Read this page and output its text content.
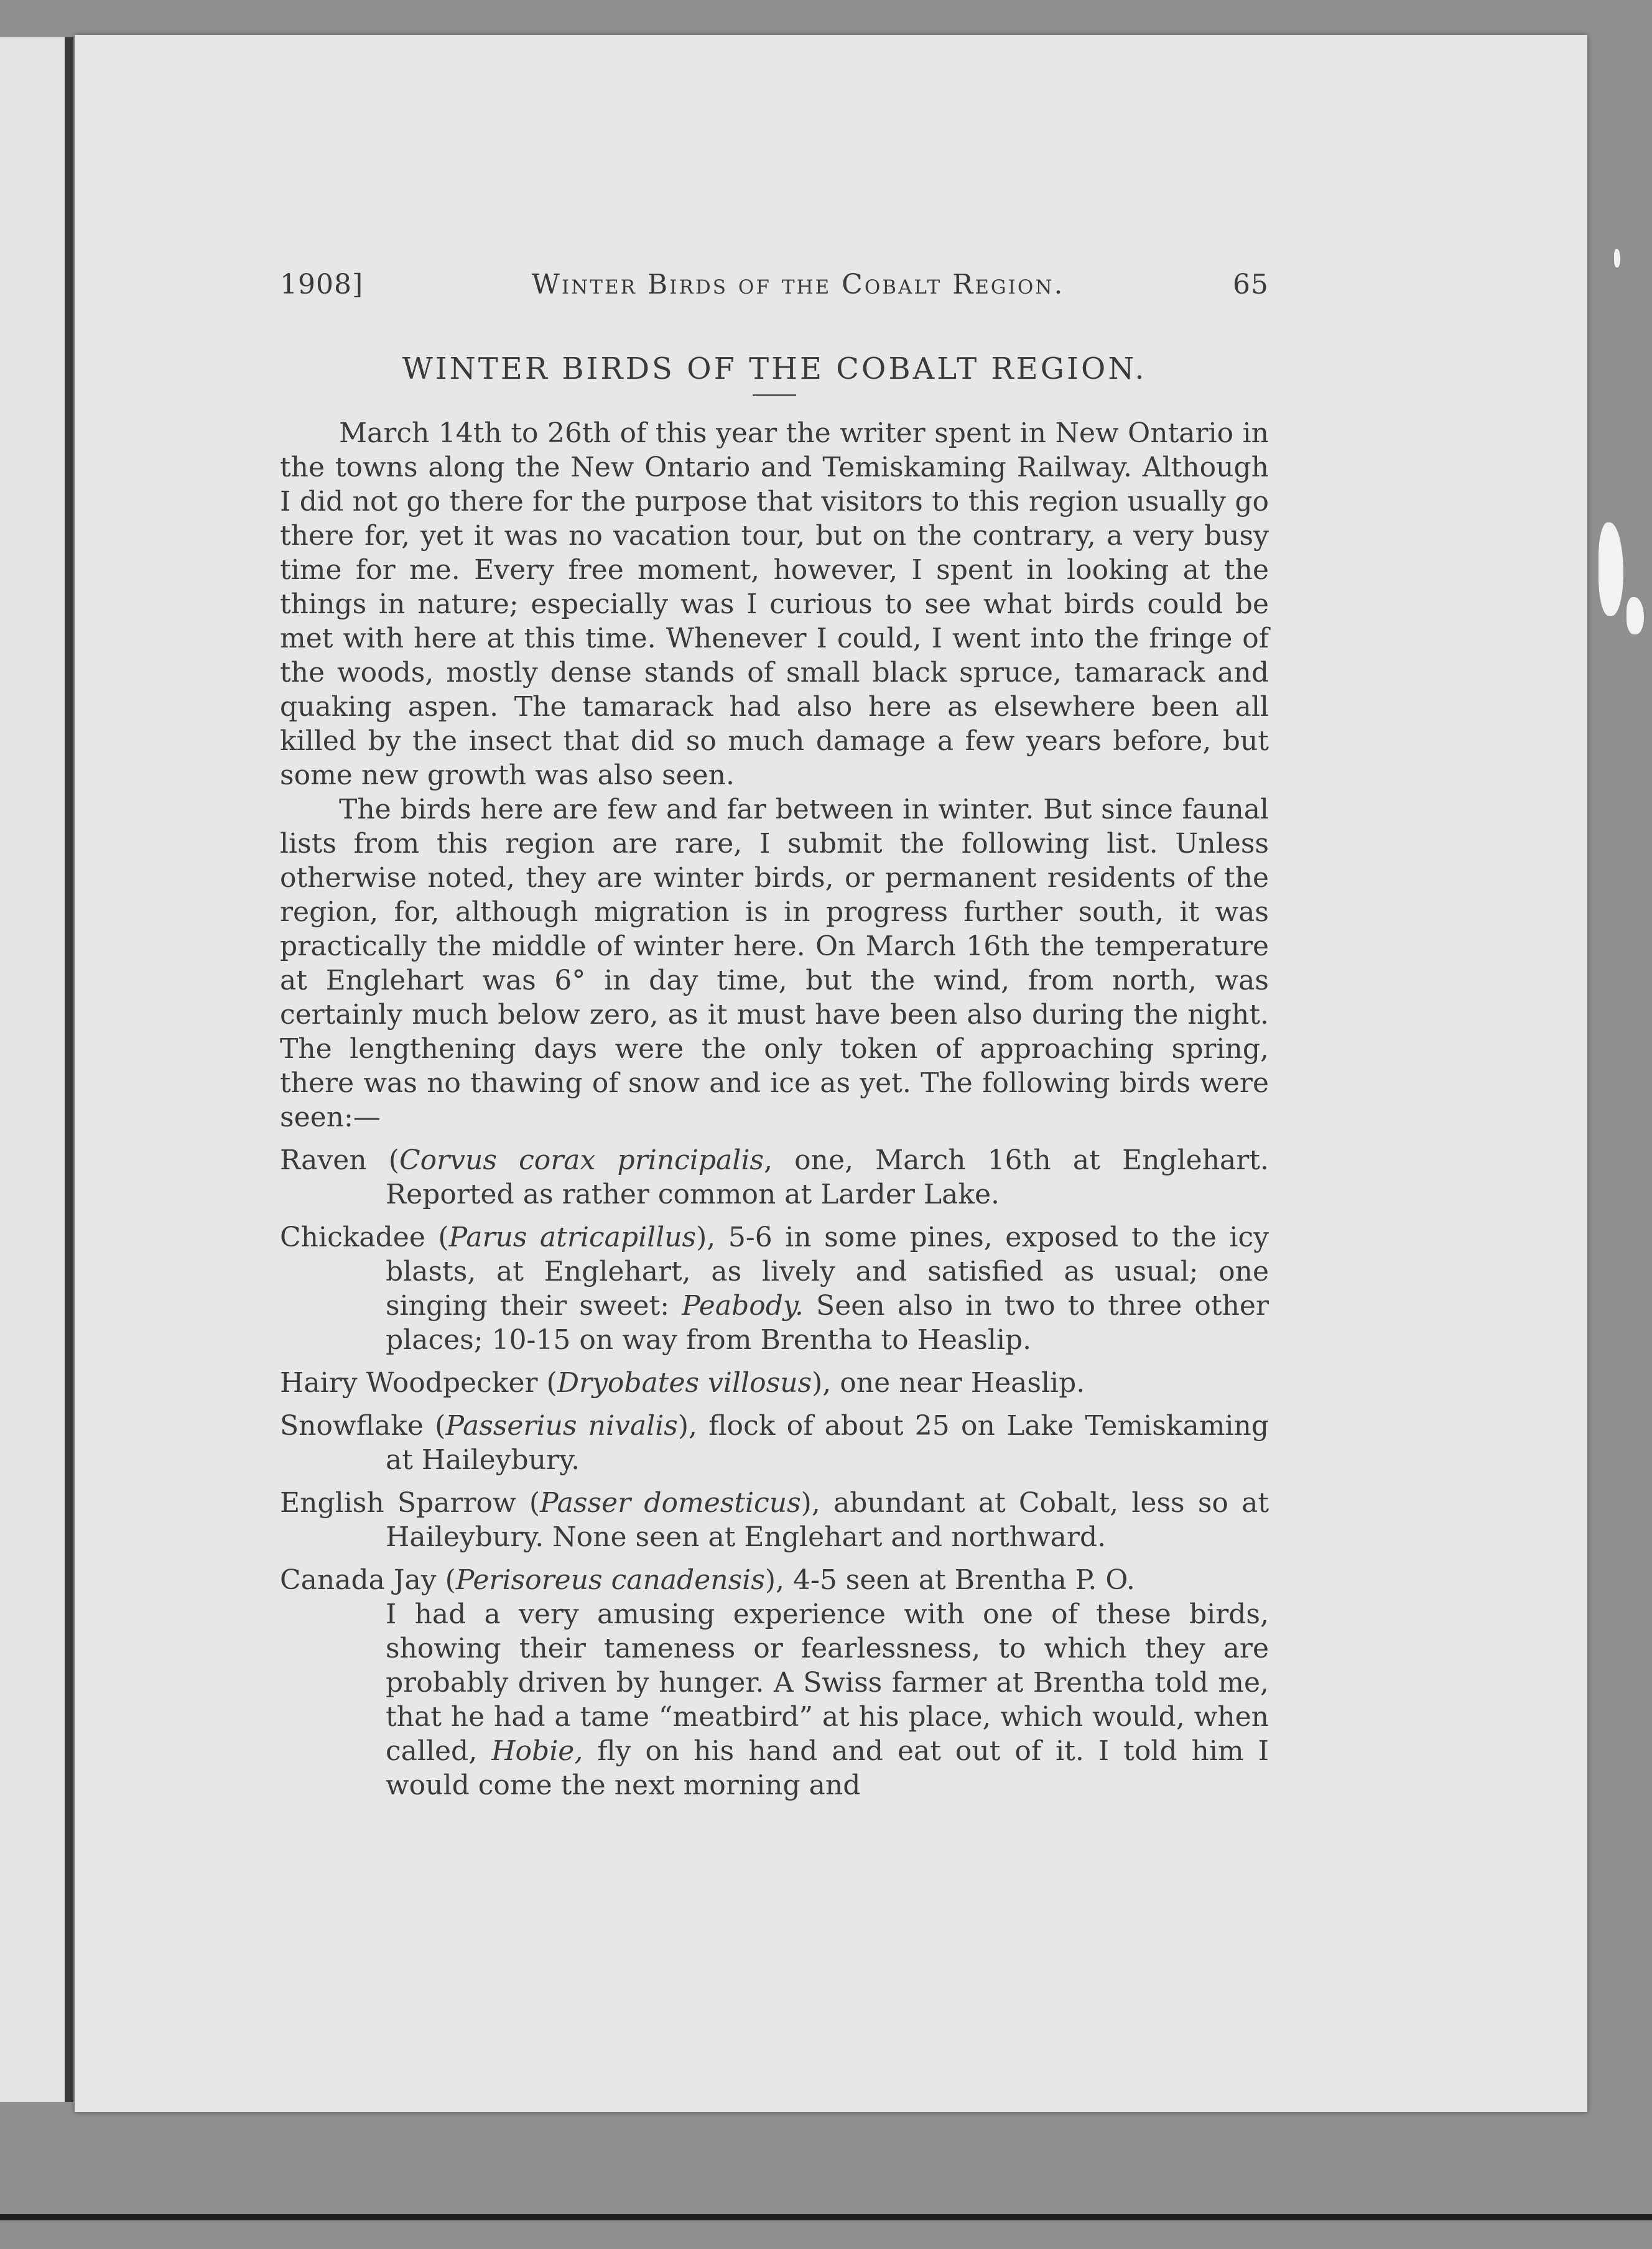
1908]	Winter Birds of the Cobalt Region.	65
WINTER BIRDS OF THE COBALT REGION.

March 14th to 26th of this year the writer spent in New Ontario in the towns along the New Ontario and Temiskaming Railway. Although I did not go there for the purpose that visitors to this region usually go there for, yet it was no vacation tour, but on the contrary, a very busy time for me. Every free moment, however, I spent in looking at the things in nature; especially was I curious to see what birds could be met with here at this time. Whenever I could, I went into the fringe of the woods, mostly dense stands of small black spruce, tamarack and quaking aspen. The tamarack had also here as elsewhere been all killed by the insect that did so much damage a few years before, but some new growth was also seen.

The birds here are few and far between in winter. But since faunal lists from this region are rare, I submit the following list. Unless otherwise noted, they are winter birds, or permanent residents of the region, for, although migration is in progress further south, it was practically the middle of winter here. On March 16th the temperature at Englehart was 6° in day time, but the wind, from north, was certainly much below zero, as it must have been also during the night. The lengthening days were the only token of approaching spring, there was no thawing of snow and ice as yet. The following birds were seen:—

Raven (Corvus corax principalis, one, March 16th at Englehart. Reported as rather common at Larder Lake.

Chickadee (Parus atricapillus), 5-6 in some pines, exposed to the icy blasts, at Englehart, as lively and satisfied as usual; one singing their sweet: Peabody. Seen also in two to three other places; 10-15 on way from Brentha to Heaslip.

Hairy Woodpecker (Dryobates villosus), one near Heaslip.

Snowflake (Passerius nivalis), flock of about 25 on Lake Temiskaming at Haileybury.

English Sparrow (Passer domesticus), abundant at Cobalt, less so at Haileybury. None seen at Englehart and northward.

Canada Jay (Perisoreus canadensis), 4-5 seen at Brentha P. O.

I had a very amusing experience with one of these birds, showing their tameness or fearlessness, to which they are probably driven by hunger. A Swiss farmer at Brentha told me, that he had a tame “meatbird” at his place, which would, when called, Hobie, fly on his hand and eat out of it. I told him I would come the next morning and
